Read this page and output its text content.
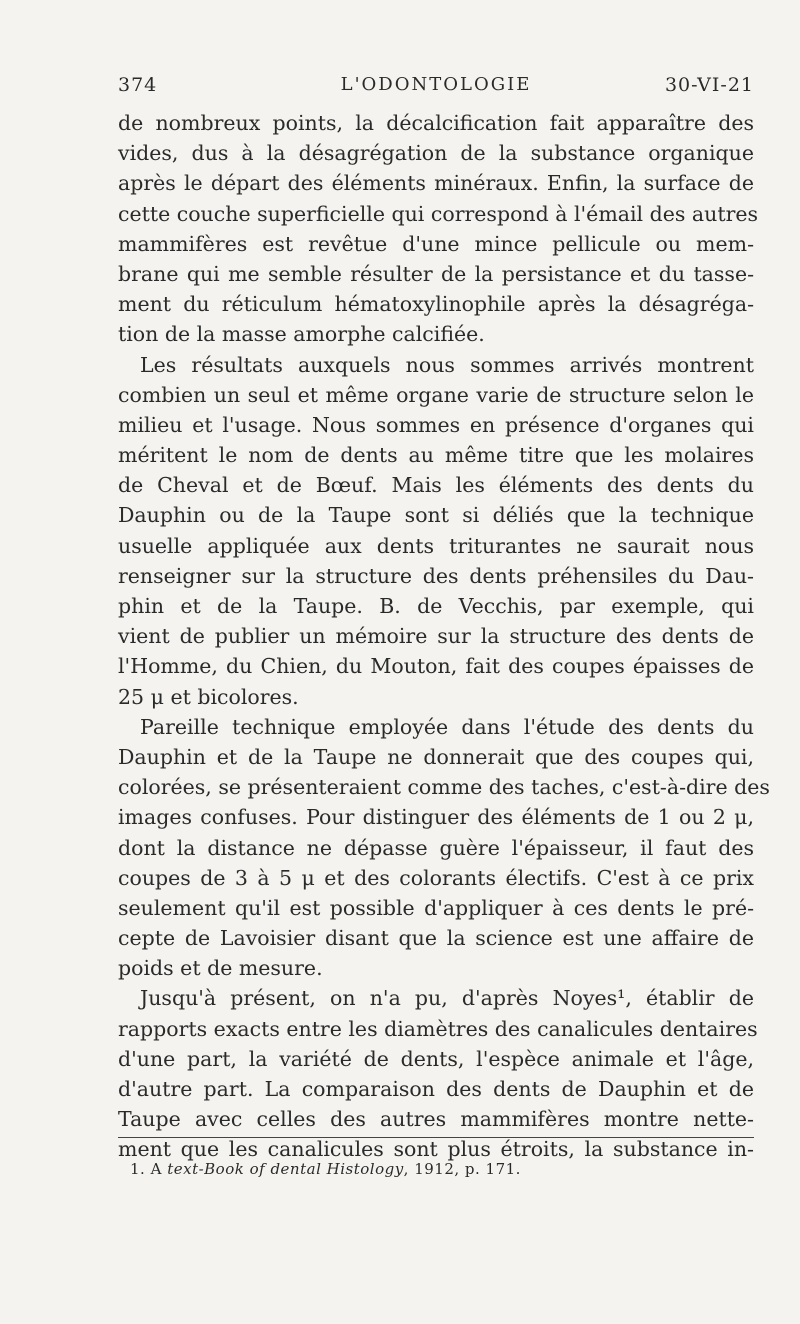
374	L'ODONTOLOGIE	30-VI-21
de nombreux points, la décalcification fait apparaître des
vides, dus à la désagrégation de la substance organique
après le départ des éléments minéraux. Enfin, la surface de
cette couche superficielle qui correspond à l'émail des autres
mammifères est revêtue d'une mince pellicule ou mem-
brane qui me semble résulter de la persistance et du tasse-
ment du réticulum hématoxylinophile après la désagréga-
tion de la masse amorphe calcifiée.
Les résultats auxquels nous sommes arrivés montrent
combien un seul et même organe varie de structure selon le
milieu et l'usage. Nous sommes en présence d'organes qui
méritent le nom de dents au même titre que les molaires
de Cheval et de Bœuf. Mais les éléments des dents du
Dauphin ou de la Taupe sont si déliés que la technique
usuelle appliquée aux dents triturantes ne saurait nous
renseigner sur la structure des dents préhensiles du Dau-
phin et de la Taupe. B. de Vecchis, par exemple, qui
vient de publier un mémoire sur la structure des dents de
l'Homme, du Chien, du Mouton, fait des coupes épaisses de
25 μ et bicolores.
Pareille technique employée dans l'étude des dents du
Dauphin et de la Taupe ne donnerait que des coupes qui,
colorées, se présenteraient comme des taches, c'est-à-dire des
images confuses. Pour distinguer des éléments de 1 ou 2 μ,
dont la distance ne dépasse guère l'épaisseur, il faut des
coupes de 3 à 5 μ et des colorants électifs. C'est à ce prix
seulement qu'il est possible d'appliquer à ces dents le pré-
cepte de Lavoisier disant que la science est une affaire de
poids et de mesure.
Jusqu'à présent, on n'a pu, d'après Noyes¹, établir de
rapports exacts entre les diamètres des canalicules dentaires
d'une part, la variété de dents, l'espèce animale et l'âge,
d'autre part. La comparaison des dents de Dauphin et de
Taupe avec celles des autres mammifères montre nette-
ment que les canalicules sont plus étroits, la substance in-
1. A text-Book of dental Histology, 1912, p. 171.
